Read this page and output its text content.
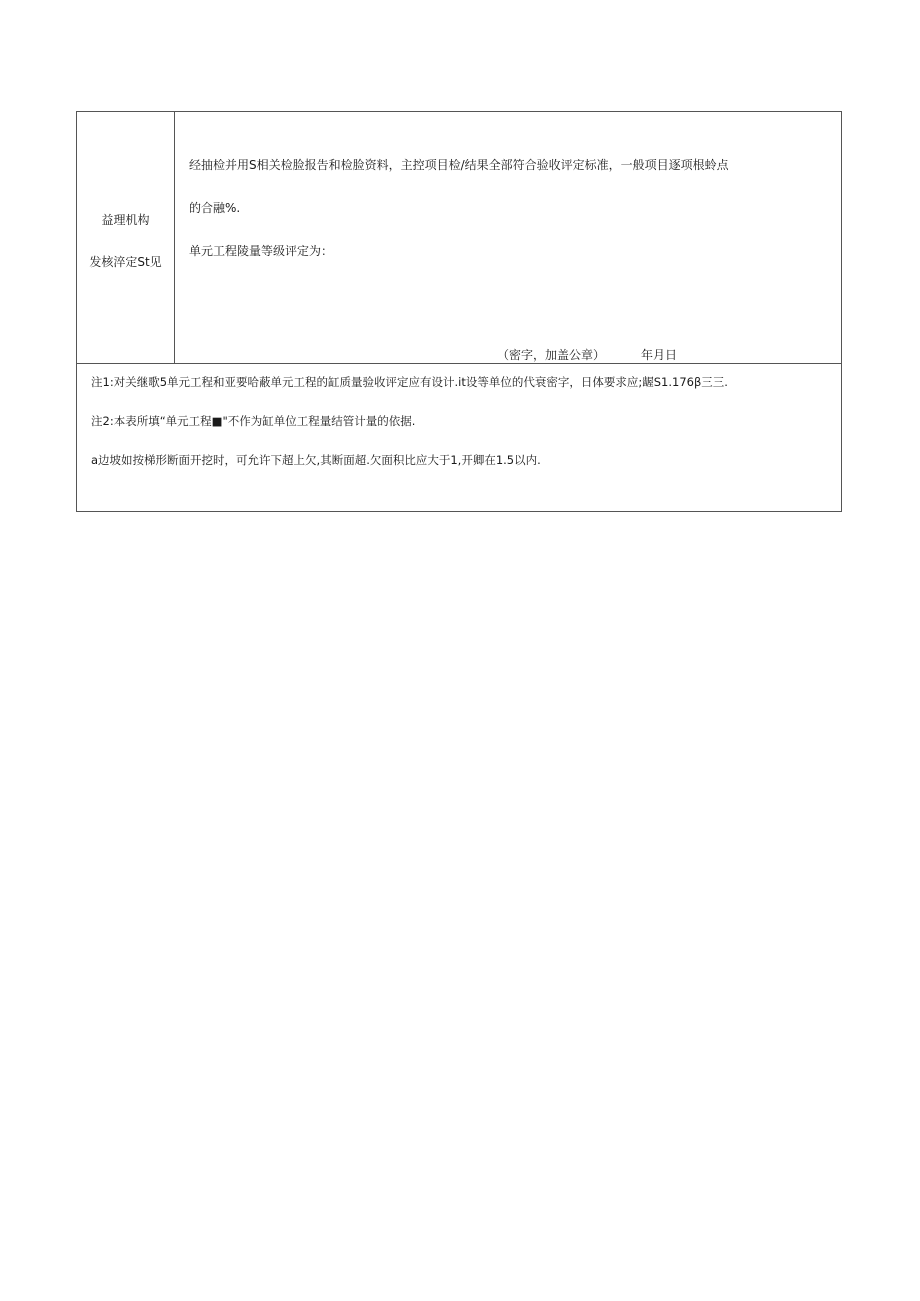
益理机构
发核淬定St见
经抽检并用S相关检脸报告和检脸资料，主控项目检/结果全部符合验收评定标准，一般项目逐项根蛉点
的合融%.
单元工程陵量等级评定为：
（密字，加盖公章）	年月日
注1:对关继歌5单元工程和亚要哈蔽单元工程的缸质量验收评定应有设计.it设等单位的代衰密字，日体要求应;龌S1.176β三三.
注2:本表所填“单元工程■"不作为缸单位工程量结管计量的依据.
a边坡如按梯形断面开挖时，可允许下超上欠,其断面超.欠面积比应大于1,开卿在1.5以内.
